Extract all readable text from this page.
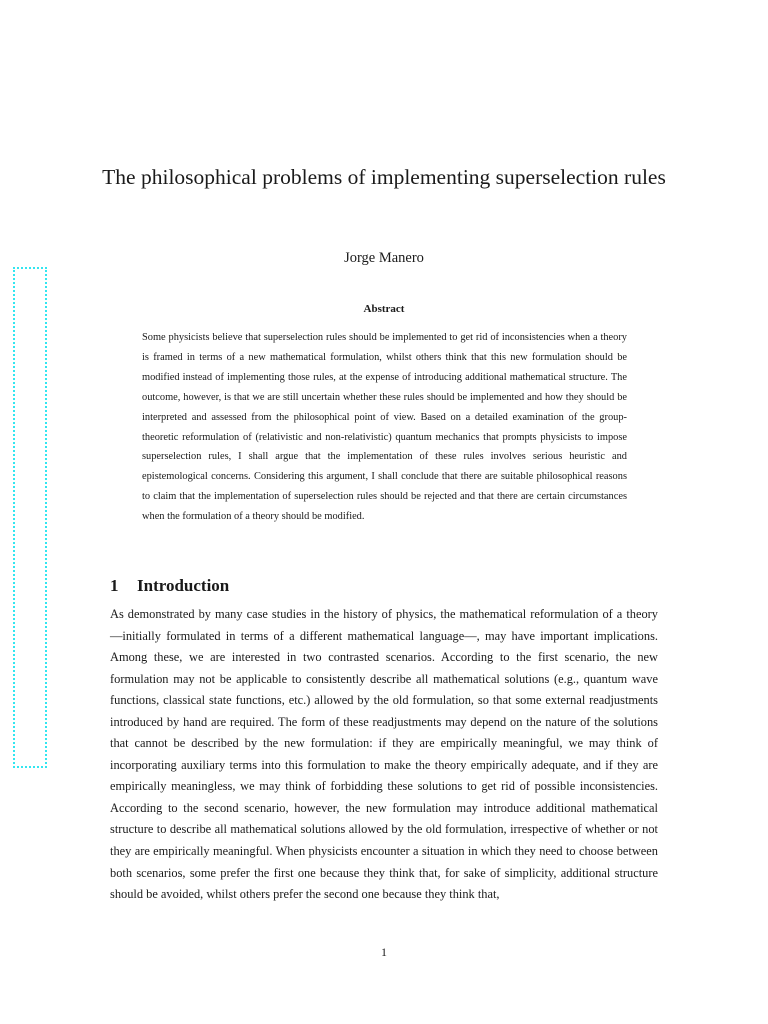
The philosophical problems of implementing superselection rules
Jorge Manero
Abstract

Some physicists believe that superselection rules should be implemented to get rid of inconsistencies when a theory is framed in terms of a new mathematical formulation, whilst others think that this new formulation should be modified instead of implementing those rules, at the expense of introducing additional mathematical structure. The outcome, however, is that we are still uncertain whether these rules should be implemented and how they should be interpreted and assessed from the philosophical point of view. Based on a detailed examination of the group-theoretic reformulation of (relativistic and non-relativistic) quantum mechanics that prompts physicists to impose superselection rules, I shall argue that the implementation of these rules involves serious heuristic and epistemological concerns. Considering this argument, I shall conclude that there are suitable philosophical reasons to claim that the implementation of superselection rules should be rejected and that there are certain circumstances when the formulation of a theory should be modified.

1 Introduction

As demonstrated by many case studies in the history of physics, the mathematical reformulation of a theory —initially formulated in terms of a different mathematical language—, may have important implications. Among these, we are interested in two contrasted scenarios. According to the first scenario, the new formulation may not be applicable to consistently describe all mathematical solutions (e.g., quantum wave functions, classical state functions, etc.) allowed by the old formulation, so that some external readjustments introduced by hand are required. The form of these readjustments may depend on the nature of the solutions that cannot be described by the new formulation: if they are empirically meaningful, we may think of incorporating auxiliary terms into this formulation to make the theory empirically adequate, and if they are empirically meaningless, we may think of forbidding these solutions to get rid of possible inconsistencies. According to the second scenario, however, the new formulation may introduce additional mathematical structure to describe all mathematical solutions allowed by the old formulation, irrespective of whether or not they are empirically meaningful. When physicists encounter a situation in which they need to choose between both scenarios, some prefer the first one because they think that, for sake of simplicity, additional structure should be avoided, whilst others prefer the second one because they think that,

1
